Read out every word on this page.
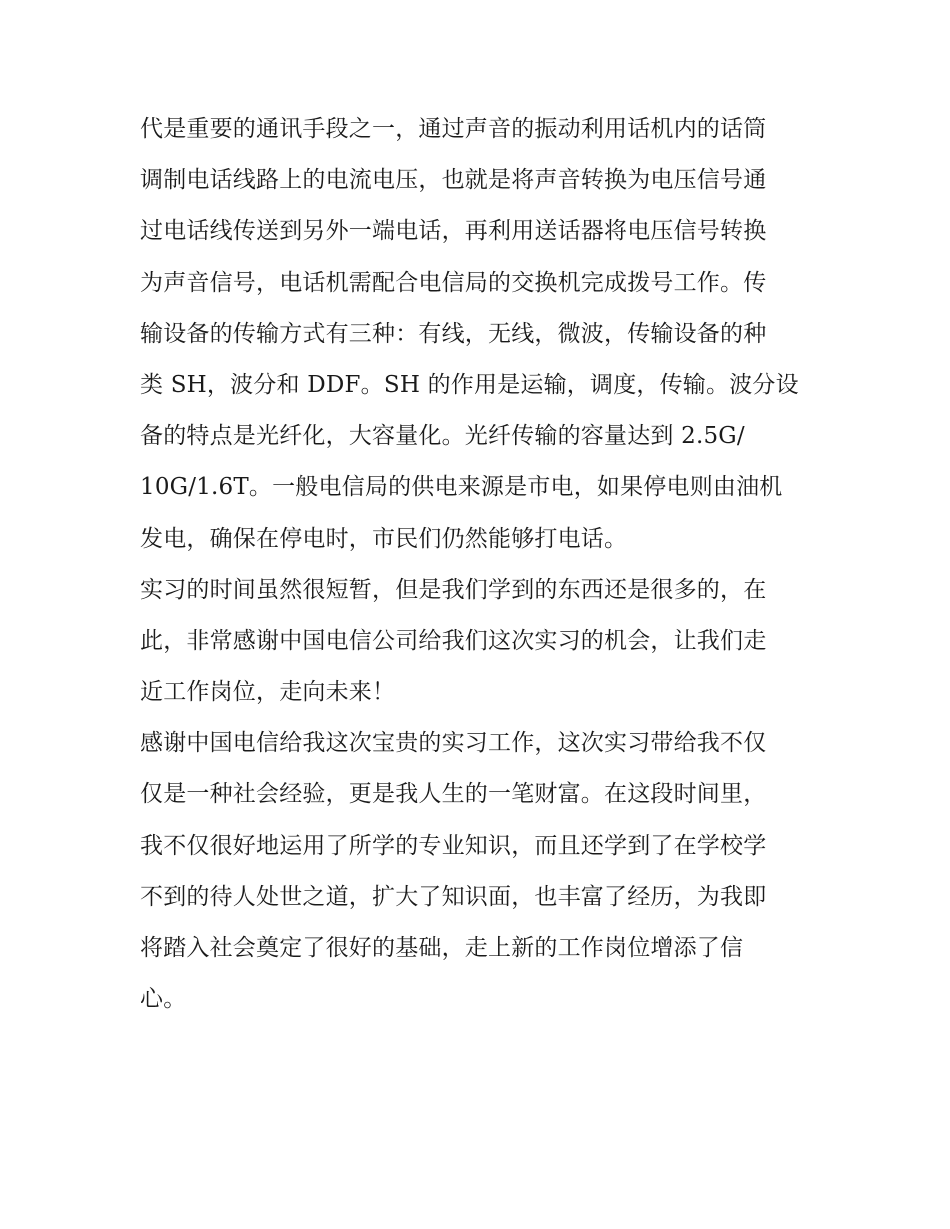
代是重要的通讯手段之一，通过声音的振动利用话机内的话筒
调制电话线路上的电流电压，也就是将声音转换为电压信号通
过电话线传送到另外一端电话，再利用送话器将电压信号转换
为声音信号，电话机需配合电信局的交换机完成拨号工作。传
输设备的传输方式有三种：有线，无线，微波，传输设备的种
类 SH，波分和 DDF。SH 的作用是运输，调度，传输。波分设
备的特点是光纤化，大容量化。光纤传输的容量达到 2.5G/
10G/1.6T。一般电信局的供电来源是市电，如果停电则由油机
发电，确保在停电时，市民们仍然能够打电话。
实习的时间虽然很短暂，但是我们学到的东西还是很多的，在
此，非常感谢中国电信公司给我们这次实习的机会，让我们走
近工作岗位，走向未来！
感谢中国电信给我这次宝贵的实习工作，这次实习带给我不仅
仅是一种社会经验，更是我人生的一笔财富。在这段时间里，
我不仅很好地运用了所学的专业知识，而且还学到了在学校学
不到的待人处世之道，扩大了知识面，也丰富了经历，为我即
将踏入社会奠定了很好的基础，走上新的工作岗位增添了信
心。
